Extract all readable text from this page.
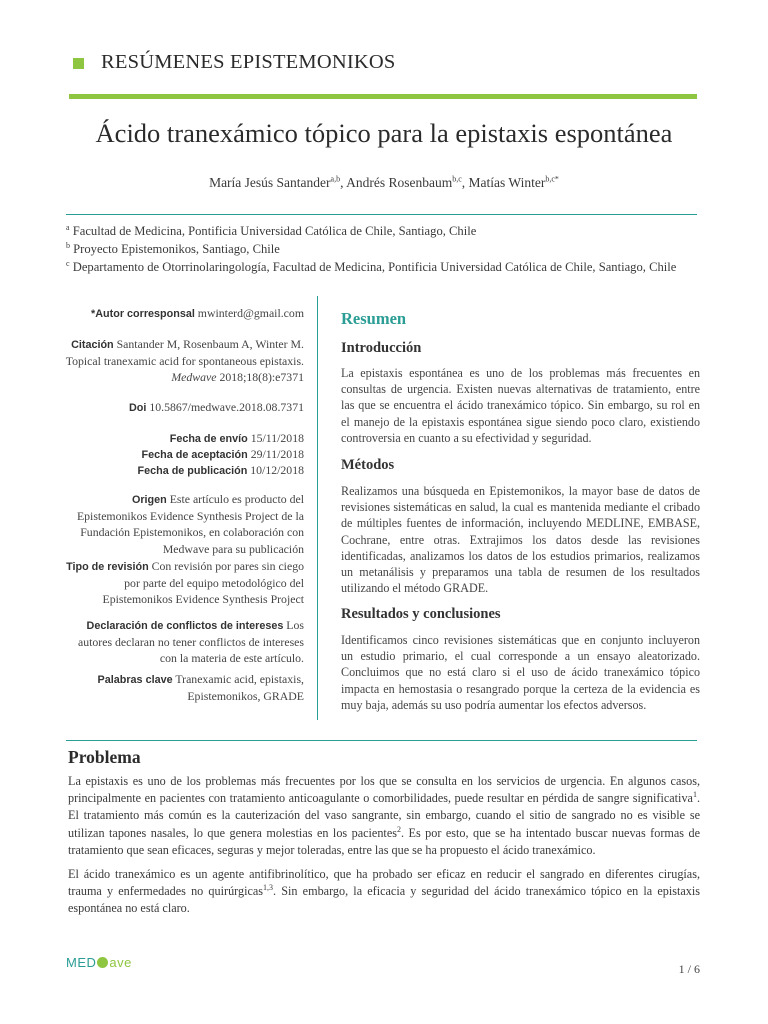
RESÚMENES EPISTEMONIKOS
Ácido tranexámico tópico para la epistaxis espontánea
María Jesús Santander$^{a,b}$, Andrés Rosenbaum$^{b,c}$, Matías Winter$^{b,c*}$
$^a$ Facultad de Medicina, Pontificia Universidad Católica de Chile, Santiago, Chile
$^b$ Proyecto Epistemonikos, Santiago, Chile
$^c$ Departamento de Otorrinolaringología, Facultad de Medicina, Pontificia Universidad Católica de Chile, Santiago, Chile
*Autor corresponsal mwinterd@gmail.com
Citación Santander M, Rosenbaum A, Winter M. Topical tranexamic acid for spontaneous epistaxis. Medwave 2018;18(8):e7371
Doi 10.5867/medwave.2018.08.7371
Fecha de envío 15/11/2018
Fecha de aceptación 29/11/2018
Fecha de publicación 10/12/2018
Origen Este artículo es producto del Epistemonikos Evidence Synthesis Project de la Fundación Epistemonikos, en colaboración con Medwave para su publicación
Tipo de revisión Con revisión por pares sin ciego por parte del equipo metodológico del Epistemonikos Evidence Synthesis Project
Declaración de conflictos de intereses Los autores declaran no tener conflictos de intereses con la materia de este artículo.
Palabras clave Tranexamic acid, epistaxis, Epistemonikos, GRADE
Resumen
Introducción
La epistaxis espontánea es uno de los problemas más frecuentes en consultas de urgencia. Existen nuevas alternativas de tratamiento, entre las que se encuentra el ácido tranexámico tópico. Sin embargo, su rol en el manejo de la epistaxis espontánea sigue siendo poco claro, existiendo controversia en cuanto a su efectividad y seguridad.
Métodos
Realizamos una búsqueda en Epistemonikos, la mayor base de datos de revisiones sistemáticas en salud, la cual es mantenida mediante el cribado de múltiples fuentes de información, incluyendo MEDLINE, EMBASE, Cochrane, entre otras. Extrajimos los datos desde las revisiones identificadas, analizamos los datos de los estudios primarios, realizamos un metanálisis y preparamos una tabla de resumen de los resultados utilizando el método GRADE.
Resultados y conclusiones
Identificamos cinco revisiones sistemáticas que en conjunto incluyeron un estudio primario, el cual corresponde a un ensayo aleatorizado. Concluimos que no está claro si el uso de ácido tranexámico tópico impacta en hemostasia o resangrado porque la certeza de la evidencia es muy baja, además su uso podría aumentar los efectos adversos.
Problema
La epistaxis es uno de los problemas más frecuentes por los que se consulta en los servicios de urgencia. En algunos casos, principalmente en pacientes con tratamiento anticoagulante o comorbilidades, puede resultar en pérdida de sangre significativa$^1$. El tratamiento más común es la cauterización del vaso sangrante, sin embargo, cuando el sitio de sangrado no es visible se utilizan tapones nasales, lo que genera molestias en los pacientes$^2$. Es por esto, que se ha intentado buscar nuevas formas de tratamiento que sean eficaces, seguras y mejor toleradas, entre las que se ha propuesto el ácido tranexámico.
El ácido tranexámico es un agente antifibrinolítico, que ha probado ser eficaz en reducir el sangrado en diferentes cirugías, trauma y enfermedades no quirúrgicas$^{1,3}$. Sin embargo, la eficacia y seguridad del ácido tranexámico tópico en la epistaxis espontánea no está claro.
MED ave	1 / 6
